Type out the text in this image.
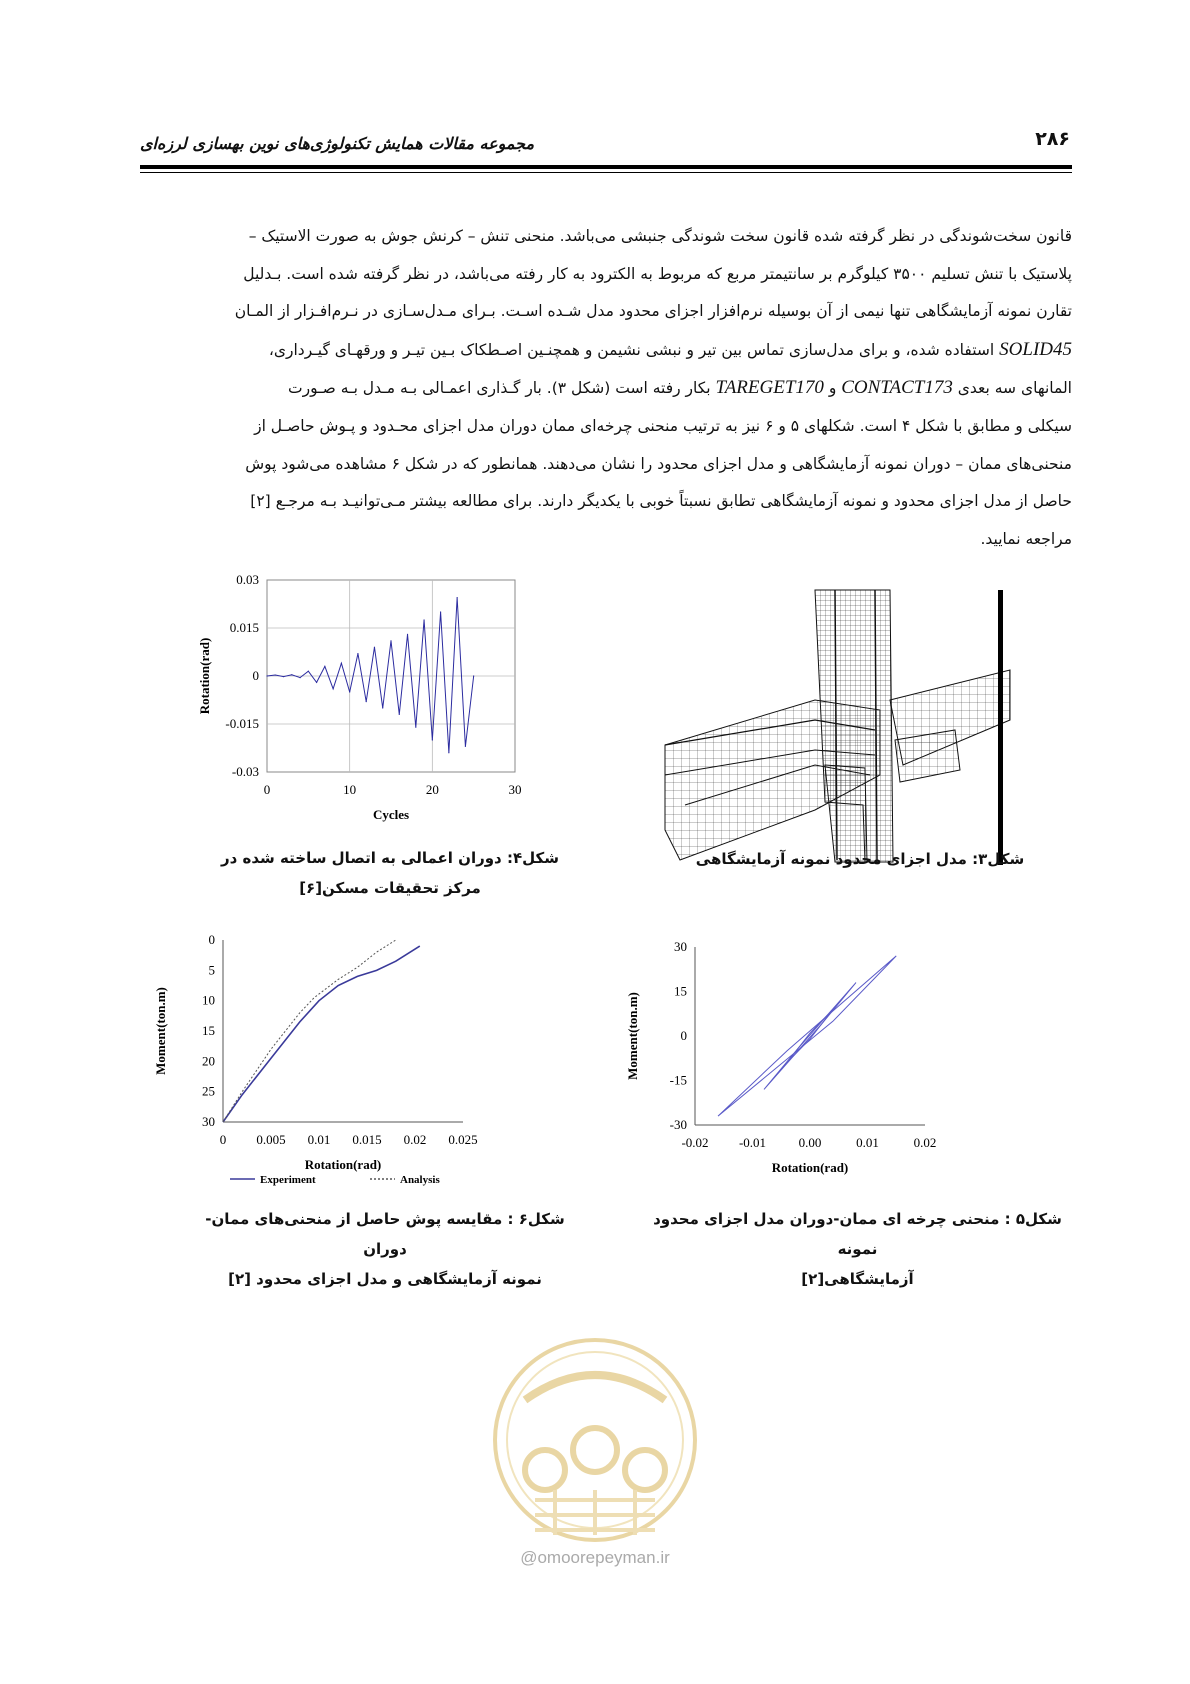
۲۸۶
مجموعه مقالات همایش تکنولوژی‌های نوین بهسازی لرزه‌ای

قانون سخت‌شوندگی در نظر گرفته شده قانون سخت شوندگی جنبشی می‌باشد. منحنی تنش – کرنش جوش به صورت الاستیک –

پلاستیک با تنش تسلیم ۳۵۰۰ کیلوگرم بر سانتیمتر مربع که مربوط به الکترود به کار رفته می‌باشد، در نظر گرفته شده است. بـدلیل

تقارن نمونه آزمایشگاهی تنها نیمی از آن بوسیله نرم‌افزار اجزای محدود مدل شـده اسـت. بـرای مـدل‌سـازی در نـرم‌افـزار از المـان

SOLID45 استفاده شده، و برای مدل‌سازی تماس بین تیر و نبشی نشیمن و همچنـین اصـطکاک بـین تیـر و ورقهـای گیـرداری،

المانهای سه بعدی CONTACT173 و TAREGET170 بکار رفته است (شکل ۳). بار گـذاری اعمـالی بـه مـدل بـه صـورت

سیکلی و مطابق با شکل ۴ است. شکلهای ۵ و ۶ نیز به ترتیب منحنی چرخه‌ای ممان دوران مدل اجزای محـدود و پـوش حاصـل از

منحنی‌های ممان – دوران نمونه آزمایشگاهی و مدل اجزای محدود را نشان می‌دهند. همانطور که در شکل ۶ مشاهده می‌شود پوش

حاصل از مدل اجزای محدود و نمونه آزمایشگاهی تطابق نسبتاً خوبی با یکدیگر دارند. برای مطالعه بیشتر مـی‌توانیـد بـه مرجـع [۲]

مراجعه نمایید.

شکل۳: مدل اجزای محدود نمونه آزمایشگاهی
0	10	20	30
0.03
0.015
0
-0.015
-0.03
Cycles
Rotation(rad)
شکل۴: دوران اعمالی به اتصال ساخته شده در
مرکز تحقیقات مسکن[۶]
-0.02 -0.01	0.00	0.01	0.02
30
15
0
-15
-30
Rotation(rad)
Moment(ton.m)
شکل۵ : منحنی چرخه ای ممان-دوران مدل اجزای محدود نمونه
آزمایشگاهی[۲]
0 0.005 0.01 0.015 0.02 0.025
0
5
10
15
20
25
30
Rotation(rad)
Moment(ton.m)
Experiment	Analysis
شکل۶ : مقایسه پوش حاصل از منحنی‌های ممان-دوران
نمونه آزمایشگاهی و مدل اجزای محدود [۲]
@omoorepeyman.ir
